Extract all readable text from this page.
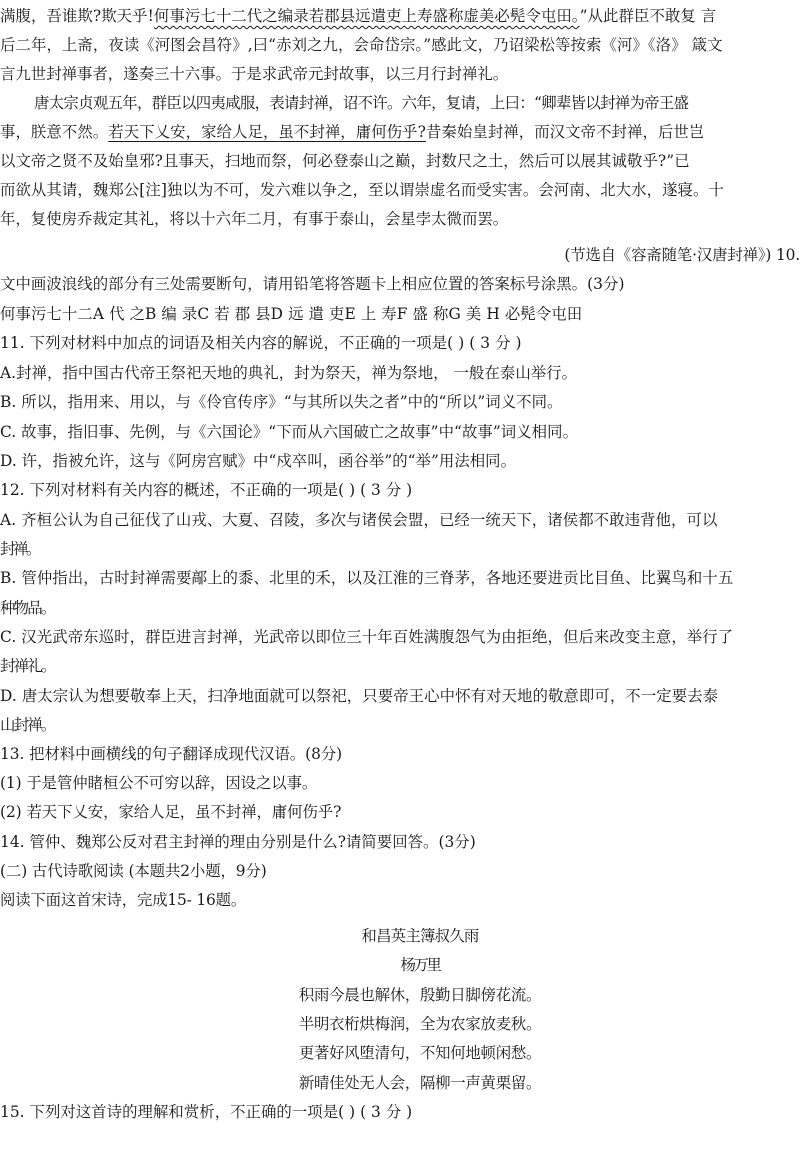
满腹，吾谁欺?欺天乎!何事污七十二代之编录若郡县远遣吏上寿盛称虚美必髡令屯田。”从此群臣不敢复 言
后二年，上斋，夜读《河图会昌符》,曰“赤刘之九，会命岱宗。”感此文，乃诏梁松等按索《河》《洛》 箴文
言九世封禅事者，遂奏三十六事。于是求武帝元封故事，以三月行封禅礼。
唐太宗贞观五年，群臣以四夷咸服，表请封禅，诏不许。六年，复请，上曰：“卿辈皆以封禅为帝王盛
事，朕意不然。若天下乂安，家给人足，虽不封禅，庸何伤乎?昔秦始皇封禅，而汉文帝不封禅，后世岂
以文帝之贤不及始皇邪?且事天，扫地而祭，何必登泰山之巅，封数尺之土，然后可以展其诚敬乎?”已
而欲从其请，魏郑公[注]独以为不可，发六难以争之，至以谓崇虚名而受实害。会河南、北大水，遂寝。十
年，复使房乔裁定其礼，将以十六年二月，有事于泰山，会星孛太微而罢。
(节选自《容斋随笔·汉唐封禅》) 10.
文中画波浪线的部分有三处需要断句，请用铅笔将答题卡上相应位置的答案标号涂黑。(3分)
何事污七十二A 代 之B 编 录C 若 郡 县D 远 遣 吏E 上 寿F 盛 称G 美 H 必髡令屯田
11. 下列对材料中加点的词语及相关内容的解说，不正确的一项是( ) ( 3 分 )
A.封禅，指中国古代帝王祭祀天地的典礼，封为祭天，禅为祭地， 一般在泰山举行。
B. 所以，指用来、用以，与《伶官传序》“与其所以失之者”中的“所以”词义不同。
C. 故事，指旧事、先例，与《六国论》“下而从六国破亡之故事”中“故事”词义相同。
D. 许，指被允许，这与《阿房宫赋》中“戍卒叫，函谷举”的“举”用法相同。
12. 下列对材料有关内容的概述，不正确的一项是( ) ( 3 分 )
A. 齐桓公认为自己征伐了山戎、大夏、召陵，多次与诸侯会盟，已经一统天下，诸侯都不敢违背他，可以
封禅。
B. 管仲指出，古时封禅需要鄗上的黍、北里的禾，以及江淮的三脊茅，各地还要进贡比目鱼、比翼鸟和十五
种物品。
C. 汉光武帝东巡时，群臣进言封禅，光武帝以即位三十年百姓满腹怨气为由拒绝，但后来改变主意，举行了
封禅礼。
D. 唐太宗认为想要敬奉上天，扫净地面就可以祭祀，只要帝王心中怀有对天地的敬意即可，不一定要去泰
山封禅。
13. 把材料中画横线的句子翻译成现代汉语。(8分)
(1) 于是管仲睹桓公不可穷以辞，因设之以事。
(2) 若天下乂安，家给人足，虽不封禅，庸何伤乎?
14. 管仲、魏郑公反对君主封禅的理由分别是什么?请简要回答。(3分)
(二) 古代诗歌阅读 (本题共2小题，9分)
阅读下面这首宋诗，完成15- 16题。
和昌英主簿叔久雨
杨万里
积雨今晨也解休，殷勤日脚傍花流。
半明衣桁烘梅润，全为农家放麦秋。
更著好风堕清句，不知何地顿闲愁。
新晴佳处无人会，隔柳一声黄栗留。
15. 下列对这首诗的理解和赏析，不正确的一项是( ) ( 3 分 )
